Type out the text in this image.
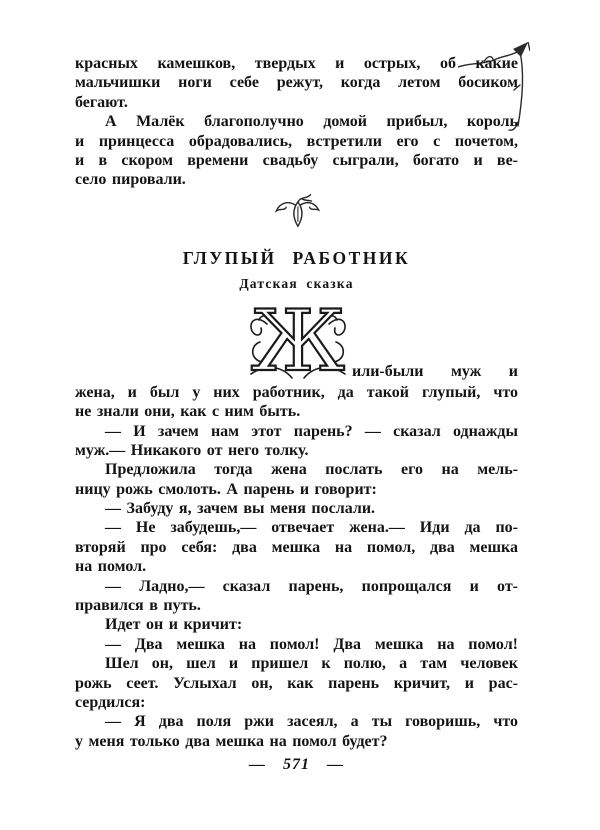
красных камешков, твердых и острых, об какие
мальчишки ноги себе режут, когда летом босиком
бегают.
А Малёк благополучно домой прибыл, король
и принцесса обрадовались, встретили его с почетом,
и в скором времени свадьбу сыграли, богато и ве-
село пировали.
ГЛУПЫЙ РАБОТНИК
Датская сказка
Ж или-были муж и
жена, и был у них работник, да такой глупый, что
не знали они, как с ним быть.
— И зачем нам этот парень? — сказал однажды
муж.— Никакого от него толку.
Предложила тогда жена послать его на мель-
ницу рожь смолоть. А парень и говорит:
— Забуду я, зачем вы меня послали.
— Не забудешь,— отвечает жена.— Иди да по-
вторяй про себя: два мешка на помол, два мешка
на помол.
— Ладно,— сказал парень, попрощался и от-
правился в путь.
Идет он и кричит:
— Два мешка на помол! Два мешка на помол!
Шел он, шел и пришел к полю, а там человек
рожь сеет. Услыхал он, как парень кричит, и рас-
сердился:
— Я два поля ржи засеял, а ты говоришь, что
у меня только два мешка на помол будет?
— 571 —
